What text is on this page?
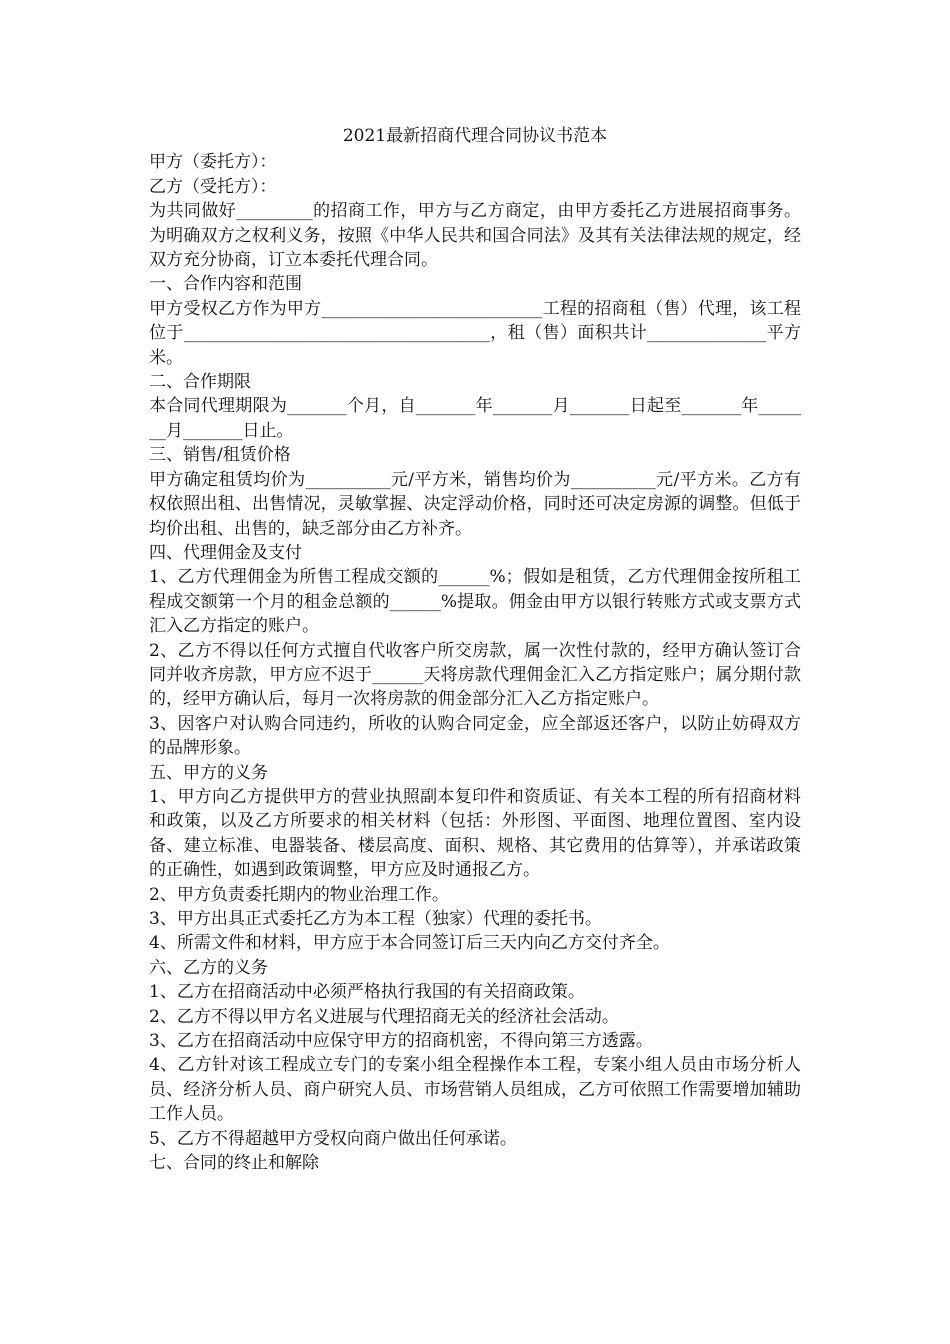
2021最新招商代理合同协议书范本

甲方（委托方）：

乙方（受托方）：

为共同做好_________的招商工作，甲方与乙方商定，由甲方委托乙方进展招商事务。为明确双方之权利义务，按照《中华人民共和国合同法》及其有关法律法规的规定，经双方充分协商，订立本委托代理合同。

一、合作内容和范围

甲方受权乙方作为甲方__________________________工程的招商租（售）代理，该工程位于____________________________________，租（售）面积共计______________平方米。

二、合作期限

本合同代理期限为_______个月，自_______年_______月_______日起至_______年_______月_______日止。

三、销售/租赁价格

甲方确定租赁均价为__________元/平方米，销售均价为__________元/平方米。乙方有权依照出租、出售情况，灵敏掌握、决定浮动价格，同时还可决定房源的调整。但低于均价出租、出售的，缺乏部分由乙方补齐。

四、代理佣金及支付

1、乙方代理佣金为所售工程成交额的______%；假如是租赁，乙方代理佣金按所租工程成交额第一个月的租金总额的______%提取。佣金由甲方以银行转账方式或支票方式汇入乙方指定的账户。

2、乙方不得以任何方式擅自代收客户所交房款，属一次性付款的，经甲方确认签订合同并收齐房款，甲方应不迟于______天将房款代理佣金汇入乙方指定账户；属分期付款的，经甲方确认后，每月一次将房款的佣金部分汇入乙方指定账户。

3、因客户对认购合同违约，所收的认购合同定金，应全部返还客户，以防止妨碍双方的品牌形象。

五、甲方的义务

1、甲方向乙方提供甲方的营业执照副本复印件和资质证、有关本工程的所有招商材料和政策，以及乙方所要求的相关材料（包括：外形图、平面图、地理位置图、室内设备、建立标准、电器装备、楼层高度、面积、规格、其它费用的估算等），并承诺政策的正确性，如遇到政策调整，甲方应及时通报乙方。

2、甲方负责委托期内的物业治理工作。

3、甲方出具正式委托乙方为本工程（独家）代理的委托书。

4、所需文件和材料，甲方应于本合同签订后三天内向乙方交付齐全。

六、乙方的义务

1、乙方在招商活动中必须严格执行我国的有关招商政策。

2、乙方不得以甲方名义进展与代理招商无关的经济社会活动。

3、乙方在招商活动中应保守甲方的招商机密，不得向第三方透露。

4、乙方针对该工程成立专门的专案小组全程操作本工程，专案小组人员由市场分析人员、经济分析人员、商户研究人员、市场营销人员组成，乙方可依照工作需要增加辅助工作人员。

5、乙方不得超越甲方受权向商户做出任何承诺。

七、合同的终止和解除
